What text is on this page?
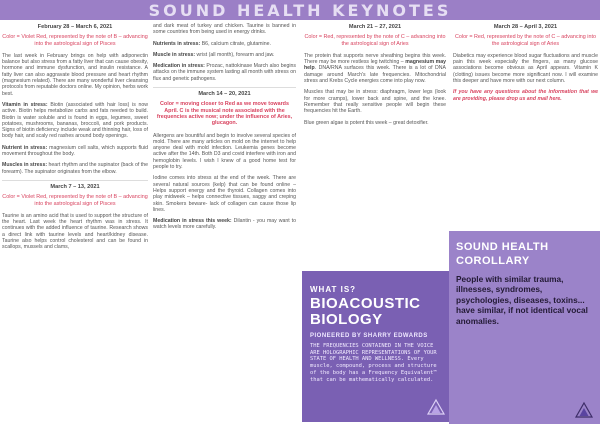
SOUND HEALTH KEYNOTES
February 28 – March 6, 2021
Color = Violet Red, represented by the note of B – advancing into the astrological sign of Pisces

The last week in February brings on help with adiponectin balance but also stress from a fatty liver that can cause obesity, hormone and immune dysfunction, and insulin resistance. A fatty liver can also aggravate blood pressure and heart rhythm (magnesium related). There are many wonderful liver cleansing protocols from reputable doctors online. My opinion, herbs work best.

Vitamin in stress: Biotin (associated with hair loss) is now active. Biotin helps metabolize carbs and fats needed to build. Biotin is water soluble and is found in eggs, legumes, sweet potatoes, mushrooms, bananas, broccoli, and pork products. Signs of biotin deficiency include weak and thinning hair, loss of body hair, and scaly red rashes around body openings.

Nutrient in stress: magnesium cell salts, which supports fluid movement throughout the body.

Muscles in stress: heart rhythm and the supinator (back of the forearm). The supinator originates from the elbow.

March 7 – 13, 2021
Color = Violet Red, represented by the note of B – advancing into the astrological sign of Pisces

Taurine is an amino acid that is used to support the structure of the heart. Last week the heart rhythm was in stress. It continues with the added influence of taurine. Research shows a direct link with taurine levels and heart/kidney disease. Taurine also helps control cholesterol and can be found in scallops, mussels and clams,

and dark meat of turkey and chicken. Taurine is banned in some countries from being used in energy drinks.

Nutrients in stress: B6, calcium citrate, glutamine.

Muscle in stress: wrist (all month), forearm and jaw.

Medication in stress: Prozac, nattokinase March also begins attacks on the immune system lasting all month with stress on flux and genetic pathogens.

March 14 – 20, 2021
Color = moving closer to Red as we move towards April. C is the musical note associated with the frequencies active now; under the influence of Aries, glucagon.

Allergens are bountiful and begin to involve several species of mold. There are many articles on mold on the internet to help anyone deal with mold infection. Leukemia genes become active after the 14th. Both D3 and covid interfere with iron and hemoglobin levels. I wish I knew of a good home test for people to try.

Iodine comes into stress at the end of the week. There are several natural sources (kelp) that can be found online – Helps support energy and the thyroid. Collagen comes into play midweek – helps connective tissues, saggy and creping skin. Smokers beware- lack of collagen can cause those lip lines.

Medication in stress this week: Dilantin - you may want to watch levels more carefully.

March 21 – 27, 2021
Color = Red, represented by the note of C – advancing into the astrological sign of Aries

The protein that supports nerve sheathing begins this week. There may be more restless leg twitching – magnesium may help. DNA/RNA surfaces this week. There is a lot of DNA damage around March's late frequencies. Mitochondrial stress and Krebs Cycle energies come into play now.

Muscles that may be in stress: diaphragm, lower legs (look for more cramps), lower back and spine, and the knee. Remember that really sensitive people will begin these frequencies hit the Earth.

Blue green algae is potent this week – great detoxifier.

March 28 – April 3, 2021
Color = Red, represented by the note of C – advancing into the astrological sign of Aries

Diabetics may experience blood sugar fluctuations and muscle pain this week especially the fingers, as many glucose associations become obvious as April appears. Vitamin K (clotting) issues become more significant now. I will examine this deeper and have more with our next column.

If you have any questions about the information that we are providing, please drop us and mail here.

WHAT IS?
BIOACOUSTIC
BIOLOGY
PIONEERED BY SHARRY EDWARDS
THE FREQUENCIES CONTAINED IN THE VOICE ARE HOLOGRAPHIC REPRESENTATIONS OF YOUR STATE OF HEALTH AND WELLNESS. Every muscle, compound, process and structure of the body has a Frequency Equivalent™ that can be mathematically calculated.
SOUND HEALTH
COROLLARY
People with similar trauma, illnesses, syndromes, psychologies, diseases, toxins... have similar, if not identical vocal anomalies.
